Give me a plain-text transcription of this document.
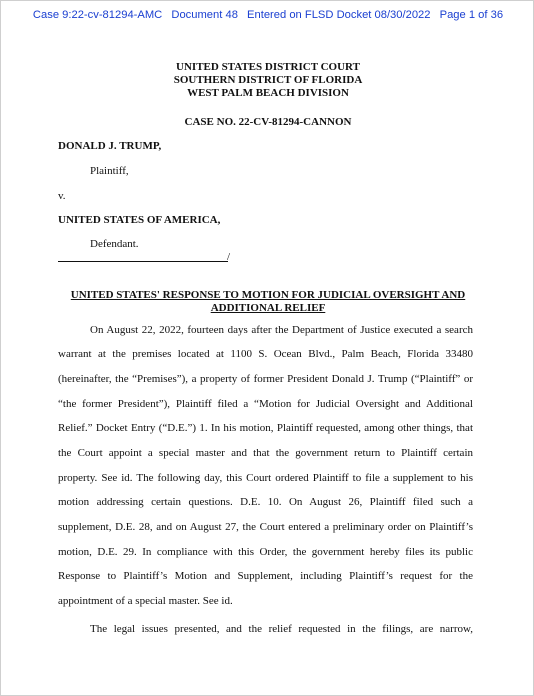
Case 9:22-cv-81294-AMC Document 48 Entered on FLSD Docket 08/30/2022 Page 1 of 36
UNITED STATES DISTRICT COURT
SOUTHERN DISTRICT OF FLORIDA
WEST PALM BEACH DIVISION
CASE NO. 22-CV-81294-CANNON
DONALD J. TRUMP,
Plaintiff,
v.
UNITED STATES OF AMERICA,
Defendant.
/
UNITED STATES' RESPONSE TO MOTION FOR JUDICIAL OVERSIGHT AND
ADDITIONAL RELIEF
On August 22, 2022, fourteen days after the Department of Justice executed a search
warrant at the premises located at 1100 S. Ocean Blvd., Palm Beach, Florida 33480
(hereinafter, the “Premises”), a property of former President Donald J. Trump (“Plaintiff” or
“the former President”), Plaintiff filed a “Motion for Judicial Oversight and Additional
Relief.” Docket Entry (“D.E.”) 1. In his motion, Plaintiff requested, among other things, that
the Court appoint a special master and that the government return to Plaintiff certain
property. See id. The following day, this Court ordered Plaintiff to file a supplement to his
motion addressing certain questions. D.E. 10. On August 26, Plaintiff filed such a
supplement, D.E. 28, and on August 27, the Court entered a preliminary order on Plaintiff’s
motion, D.E. 29. In compliance with this Order, the government hereby files its public
Response to Plaintiff’s Motion and Supplement, including Plaintiff’s request for the
appointment of a special master. See id.
The legal issues presented, and the relief requested in the filings, are narrow,
